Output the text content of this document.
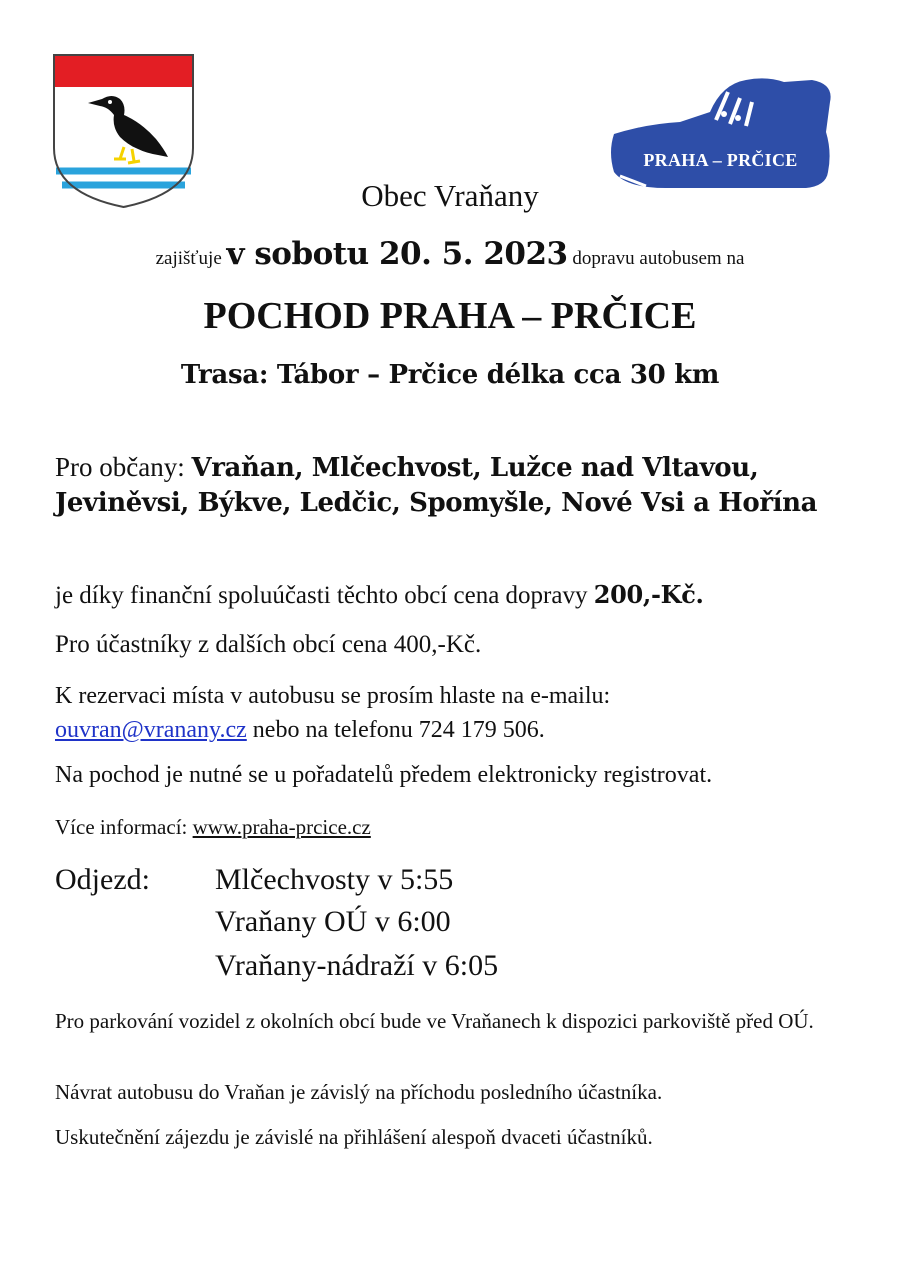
PRAHA – PRČICE
Obec Vraňany
zajišťuje v sobotu 20. 5. 2023 dopravu autobusem na
POCHOD PRAHA – PRČICE
Trasa: Tábor – Prčice délka cca 30 km
Pro občany: Vraňan, Mlčechvost, Lužce nad Vltavou, Jeviněvsi, Býkve, Ledčic, Spomyšle, Nové Vsi a Hořína
je díky finanční spoluúčasti těchto obcí cena dopravy 200,-Kč.
Pro účastníky z dalších obcí cena 400,-Kč.
K rezervaci místa v autobusu se prosím hlaste na e-mailu:
ouvran@vranany.cz nebo na telefonu 724 179 506.
Na pochod je nutné se u pořadatelů předem elektronicky registrovat.
Více informací: www.praha-prcice.cz
Odjezd: Mlčechvosty v 5:55
Vraňany OÚ v 6:00
Vraňany-nádraží v 6:05
Pro parkování vozidel z okolních obcí bude ve Vraňanech k dispozici parkoviště před OÚ.
Návrat autobusu do Vraňan je závislý na příchodu posledního účastníka.
Uskutečnění zájezdu je závislé na přihlášení alespoň dvaceti účastníků.
